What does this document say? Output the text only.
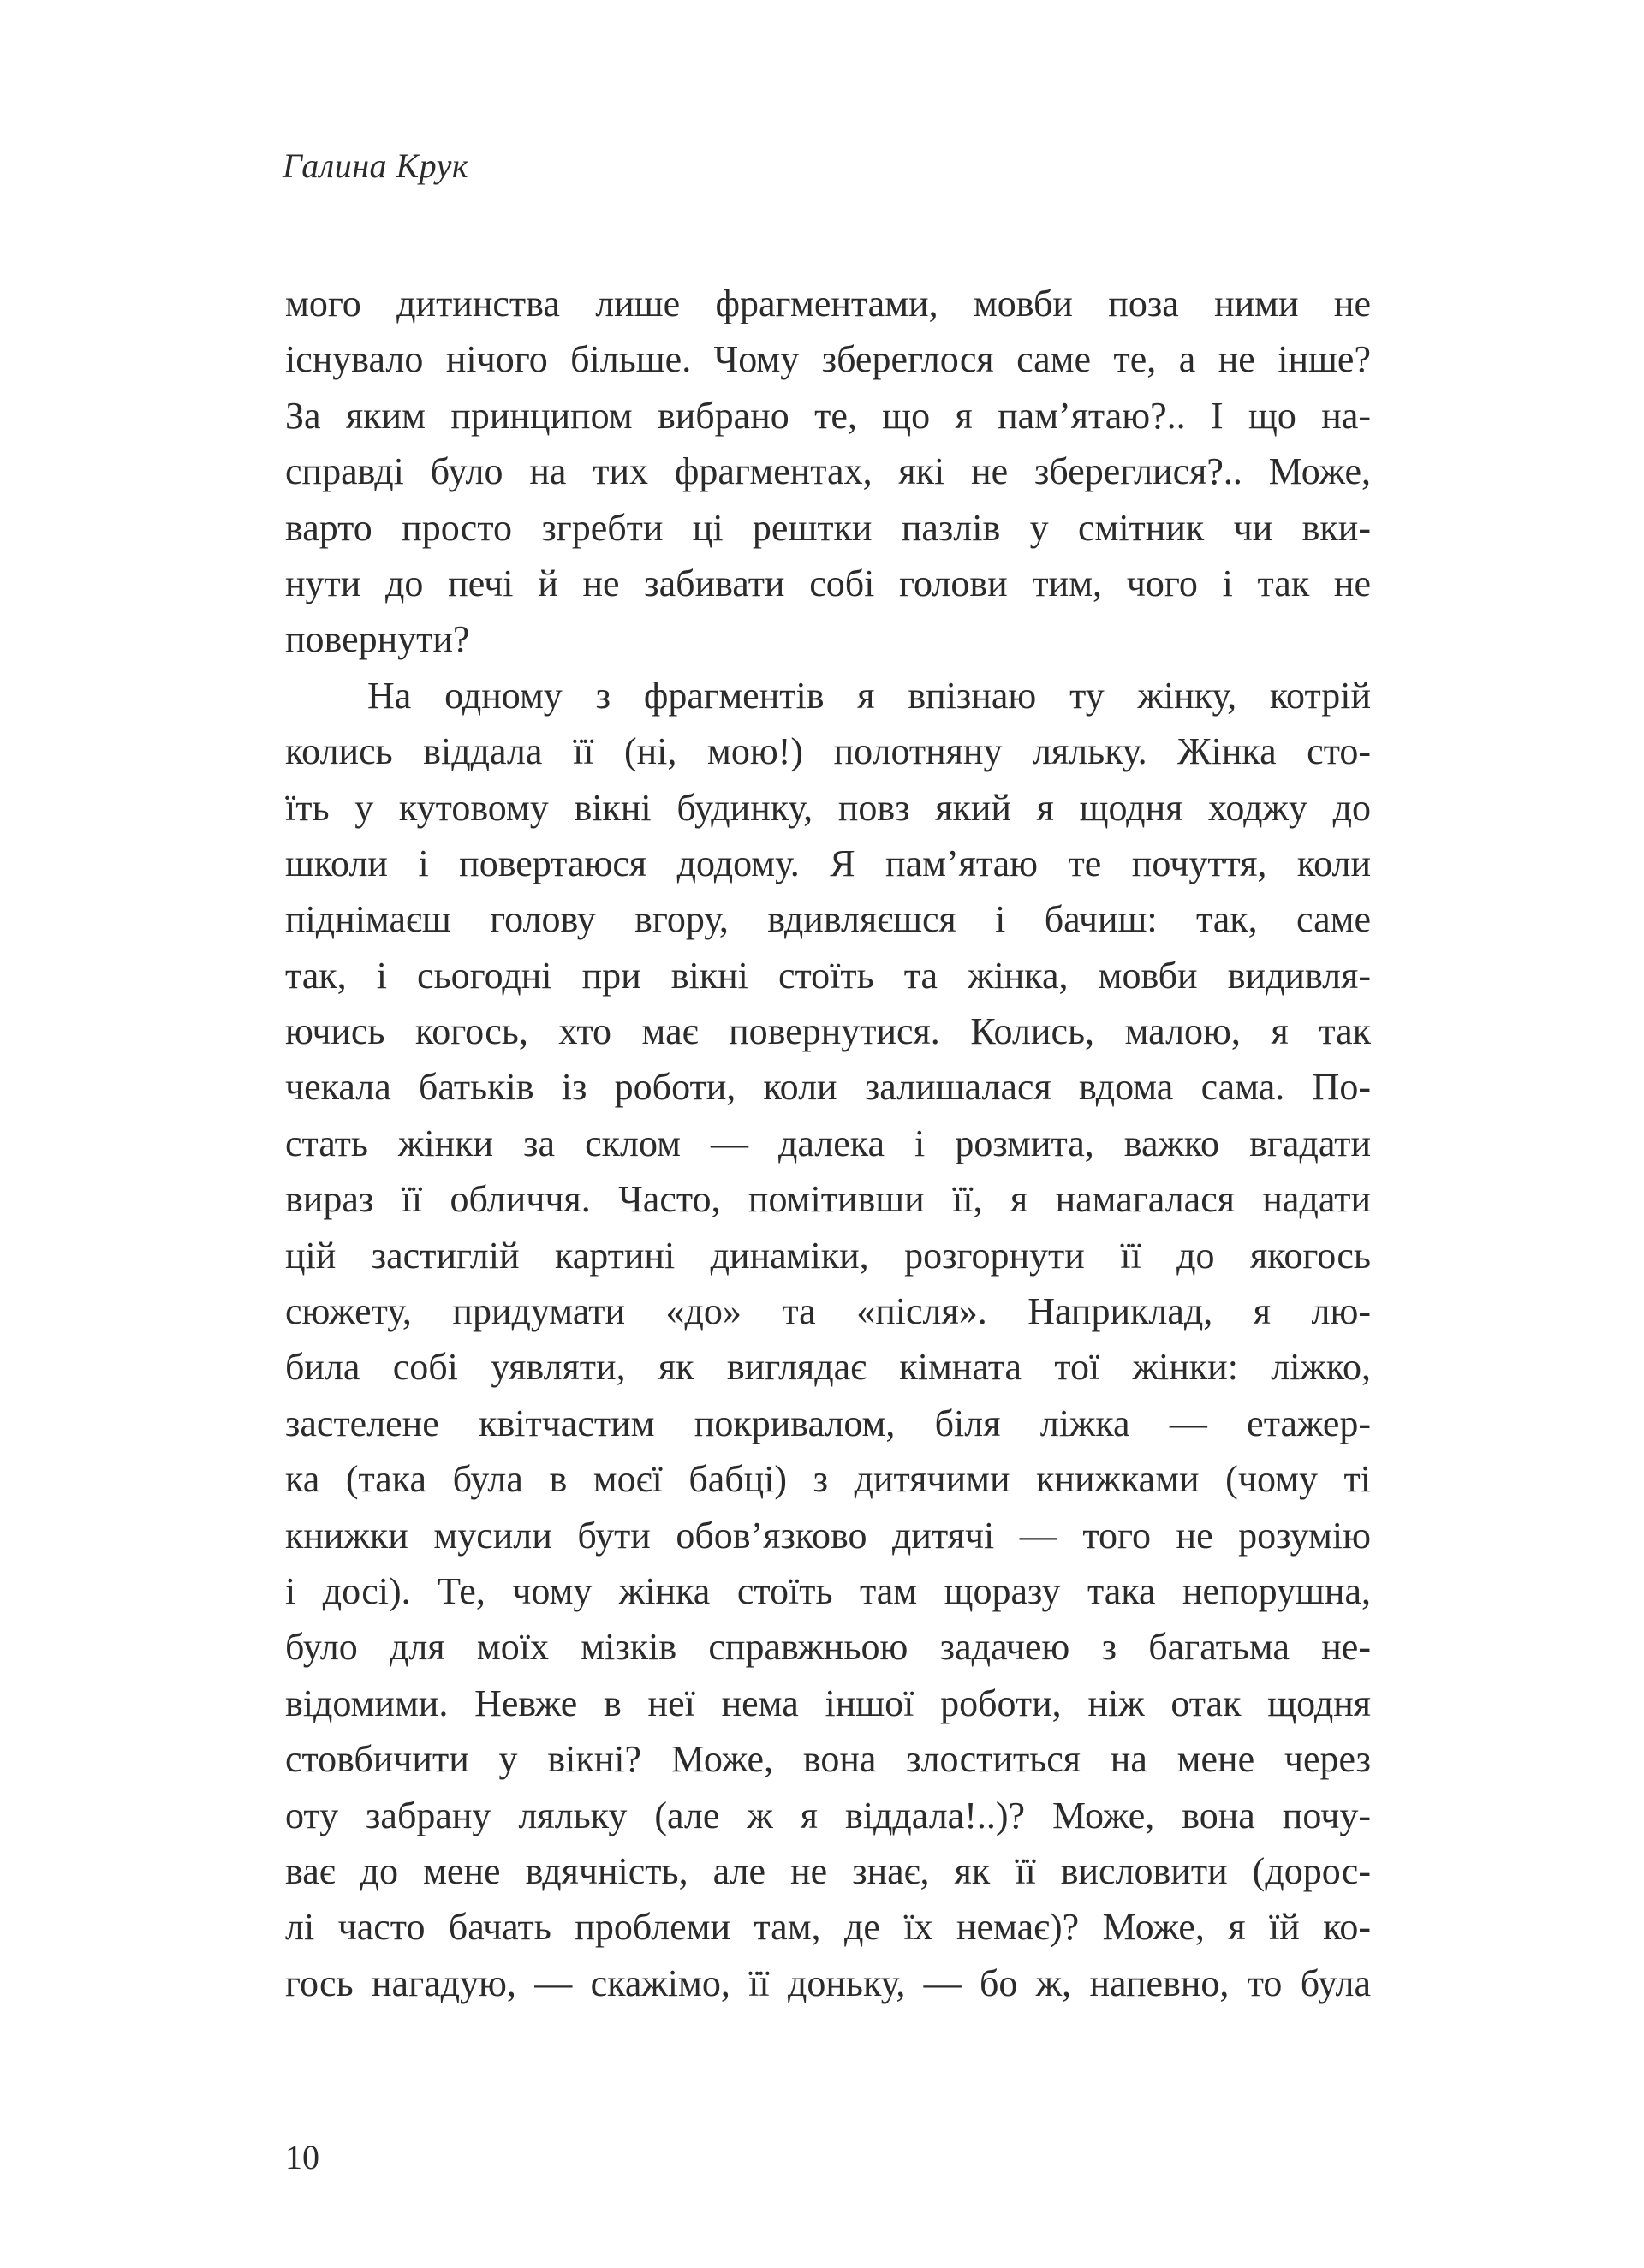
Галина Крук
мого дитинства лише фрагментами, мовби поза ними не
існувало нічого більше. Чому збереглося саме те, а не інше?
За яким принципом вибрано те, що я пам’ятаю?.. І що на-
справді було на тих фрагментах, які не збереглися?.. Може,
варто просто згребти ці рештки пазлів у смітник чи вки-
нути до печі й не забивати собі голови тим, чого і так не
повернути?
На одному з фрагментів я впізнаю ту жінку, котрій
колись віддала її (ні, мою!) полотняну ляльку. Жінка сто-
їть у кутовому вікні будинку, повз який я щодня ходжу до
школи і повертаюся додому. Я пам’ятаю те почуття, коли
піднімаєш голову вгору, вдивляєшся і бачиш: так, саме
так, і сьогодні при вікні стоїть та жінка, мовби видивля-
ючись когось, хто має повернутися. Колись, малою, я так
чекала батьків із роботи, коли залишалася вдома сама. По-
стать жінки за склом — далека і розмита, важко вгадати
вираз її обличчя. Часто, помітивши її, я намагалася надати
цій застиглій картині динаміки, розгорнути її до якогось
сюжету, придумати «до» та «після». Наприклад, я лю-
била собі уявляти, як виглядає кімната тої жінки: ліжко,
застелене квітчастим покривалом, біля ліжка — етажер-
ка (така була в моєї бабці) з дитячими книжками (чому ті
книжки мусили бути обов’язково дитячі — того не розумію
і досі). Те, чому жінка стоїть там щоразу така непорушна,
було для моїх мізків справжньою задачею з багатьма не-
відомими. Невже в неї нема іншої роботи, ніж отак щодня
стовбичити у вікні? Може, вона злоститься на мене через
оту забрану ляльку (але ж я віддала!..)? Може, вона почу-
ває до мене вдячність, але не знає, як її висловити (дорос-
лі часто бачать проблеми там, де їх немає)? Може, я їй ко-
гось нагадую, — скажімо, її доньку, — бо ж, напевно, то була
10
